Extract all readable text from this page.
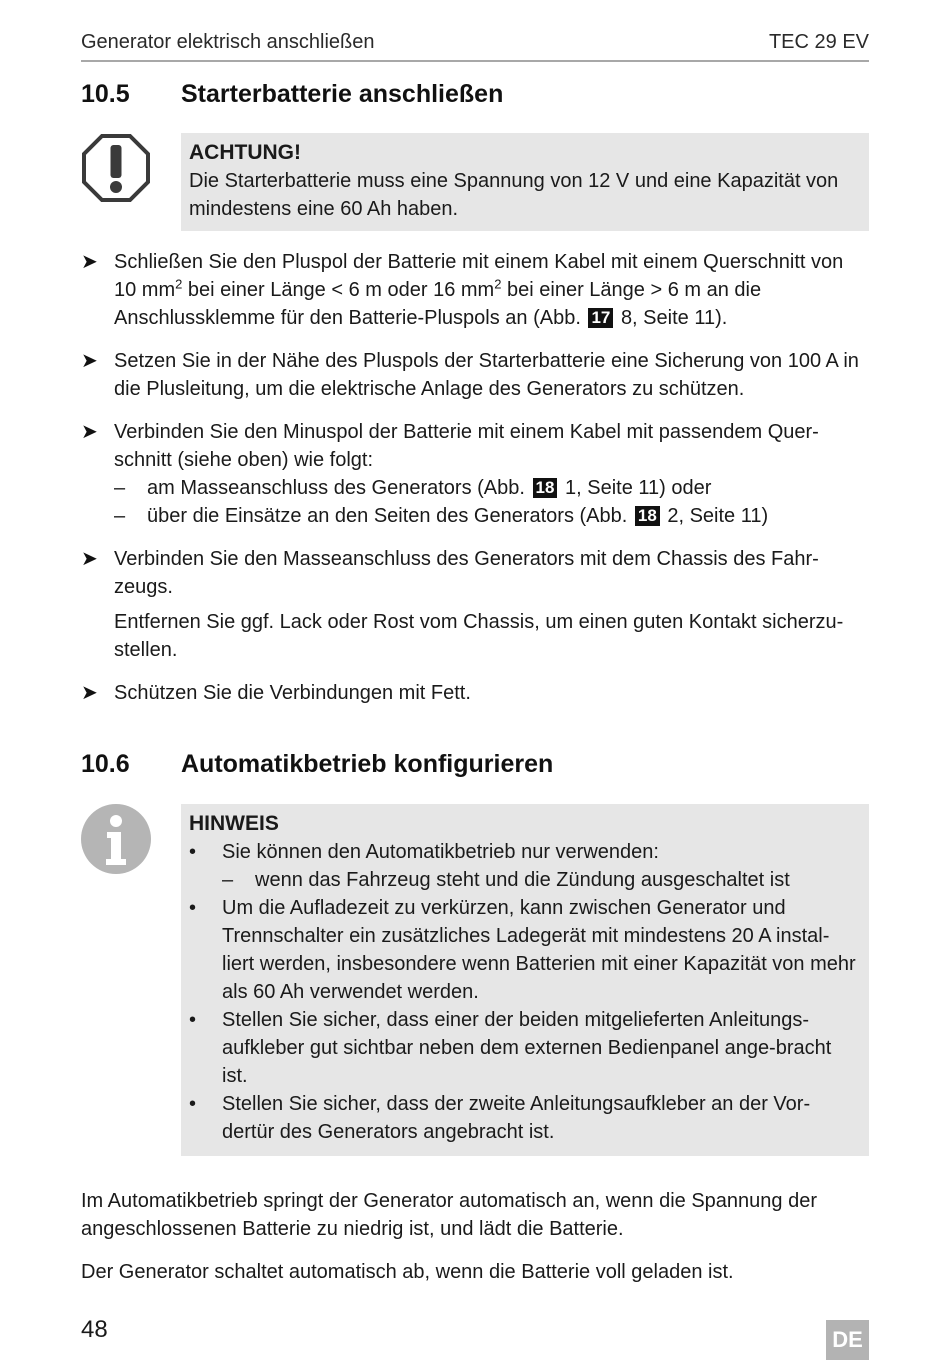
Generator elektrisch anschließen	TEC 29 EV
10.5 Starterbatterie anschließen
ACHTUNG!
Die Starterbatterie muss eine Spannung von 12 V und eine Kapazität von mindestens eine 60 Ah haben.
➤ Schließen Sie den Pluspol der Batterie mit einem Kabel mit einem Querschnitt von 10 $mm^2$ bei einer Länge < 6 m oder 16 $mm^2$ bei einer Länge > 6 m an die Anschlussklemme für den Batterie-Pluspols an (Abb. 17 8, Seite 11).
➤ Setzen Sie in der Nähe des Pluspols der Starterbatterie eine Sicherung von 100 A in die Plusleitung, um die elektrische Anlage des Generators zu schützen.
➤ Verbinden Sie den Minuspol der Batterie mit einem Kabel mit passendem Quer-schnitt (siehe oben) wie folgt:
– am Masseanschluss des Generators (Abb. 18 1, Seite 11) oder
– über die Einsätze an den Seiten des Generators (Abb. 18 2, Seite 11)
➤ Verbinden Sie den Masseanschluss des Generators mit dem Chassis des Fahr-zeugs.
Entfernen Sie ggf. Lack oder Rost vom Chassis, um einen guten Kontakt sicherzu-stellen.
➤ Schützen Sie die Verbindungen mit Fett.
10.6 Automatikbetrieb konfigurieren
HINWEIS
• Sie können den Automatikbetrieb nur verwenden:
– wenn das Fahrzeug steht und die Zündung ausgeschaltet ist
• Um die Aufladezeit zu verkürzen, kann zwischen Generator und Trennschalter ein zusätzliches Ladegerät mit mindestens 20 A instal-liert werden, insbesondere wenn Batterien mit einer Kapazität von mehr als 60 Ah verwendet werden.
• Stellen Sie sicher, dass einer der beiden mitgelieferten Anleitungs-aufkleber gut sichtbar neben dem externen Bedienpanel ange-bracht ist.
• Stellen Sie sicher, dass der zweite Anleitungsaufkleber an der Vor-dertür des Generators angebracht ist.
Im Automatikbetrieb springt der Generator automatisch an, wenn die Spannung der angeschlossenen Batterie zu niedrig ist, und lädt die Batterie.
Der Generator schaltet automatisch ab, wenn die Batterie voll geladen ist.
48	DE
